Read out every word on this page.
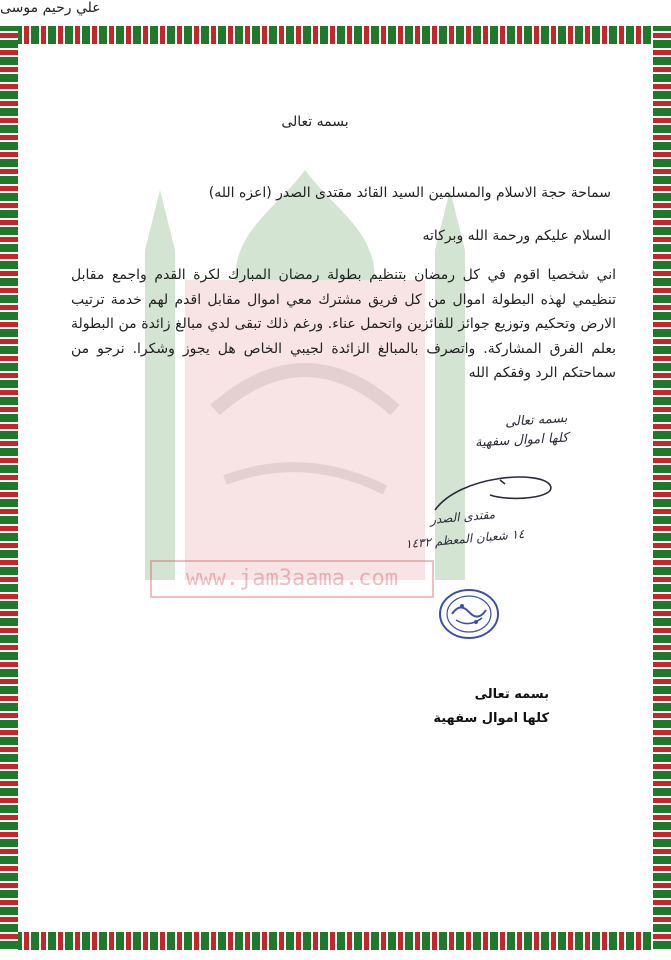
www.jam3aama.com
بسمه تعالى
سماحة حجة الاسلام والمسلمين السيد القائد مقتدى الصدر (اعزه الله)
السلام عليكم ورحمة الله وبركاته
اني شخصيا اقوم في كل رمضان بتنظيم بطولة رمضان المبارك لكرة القدم واجمع مقابل تنظيمي لهذه البطولة اموال من كل فريق مشترك معي اموال مقابل اقدم لهم خدمة ترتيب الارض وتحكيم وتوزيع جوائز للفائزين واتحمل عناء. ورغم ذلك تبقى لدي مبالغ زائدة من البطولة بعلم الفرق المشاركة. واتصرف بالمبالغ الزائدة لجيبي الخاص هل يجوز وشكرا. نرجو من سماحتكم الرد وفقكم الله
علي رحيم موسى
بسمه تعالى
كلها اموال سفهية
مقتدى الصدر
١٤ شعبان المعظم ١٤٣٢
بسمه تعالى
كلها اموال سفهية
